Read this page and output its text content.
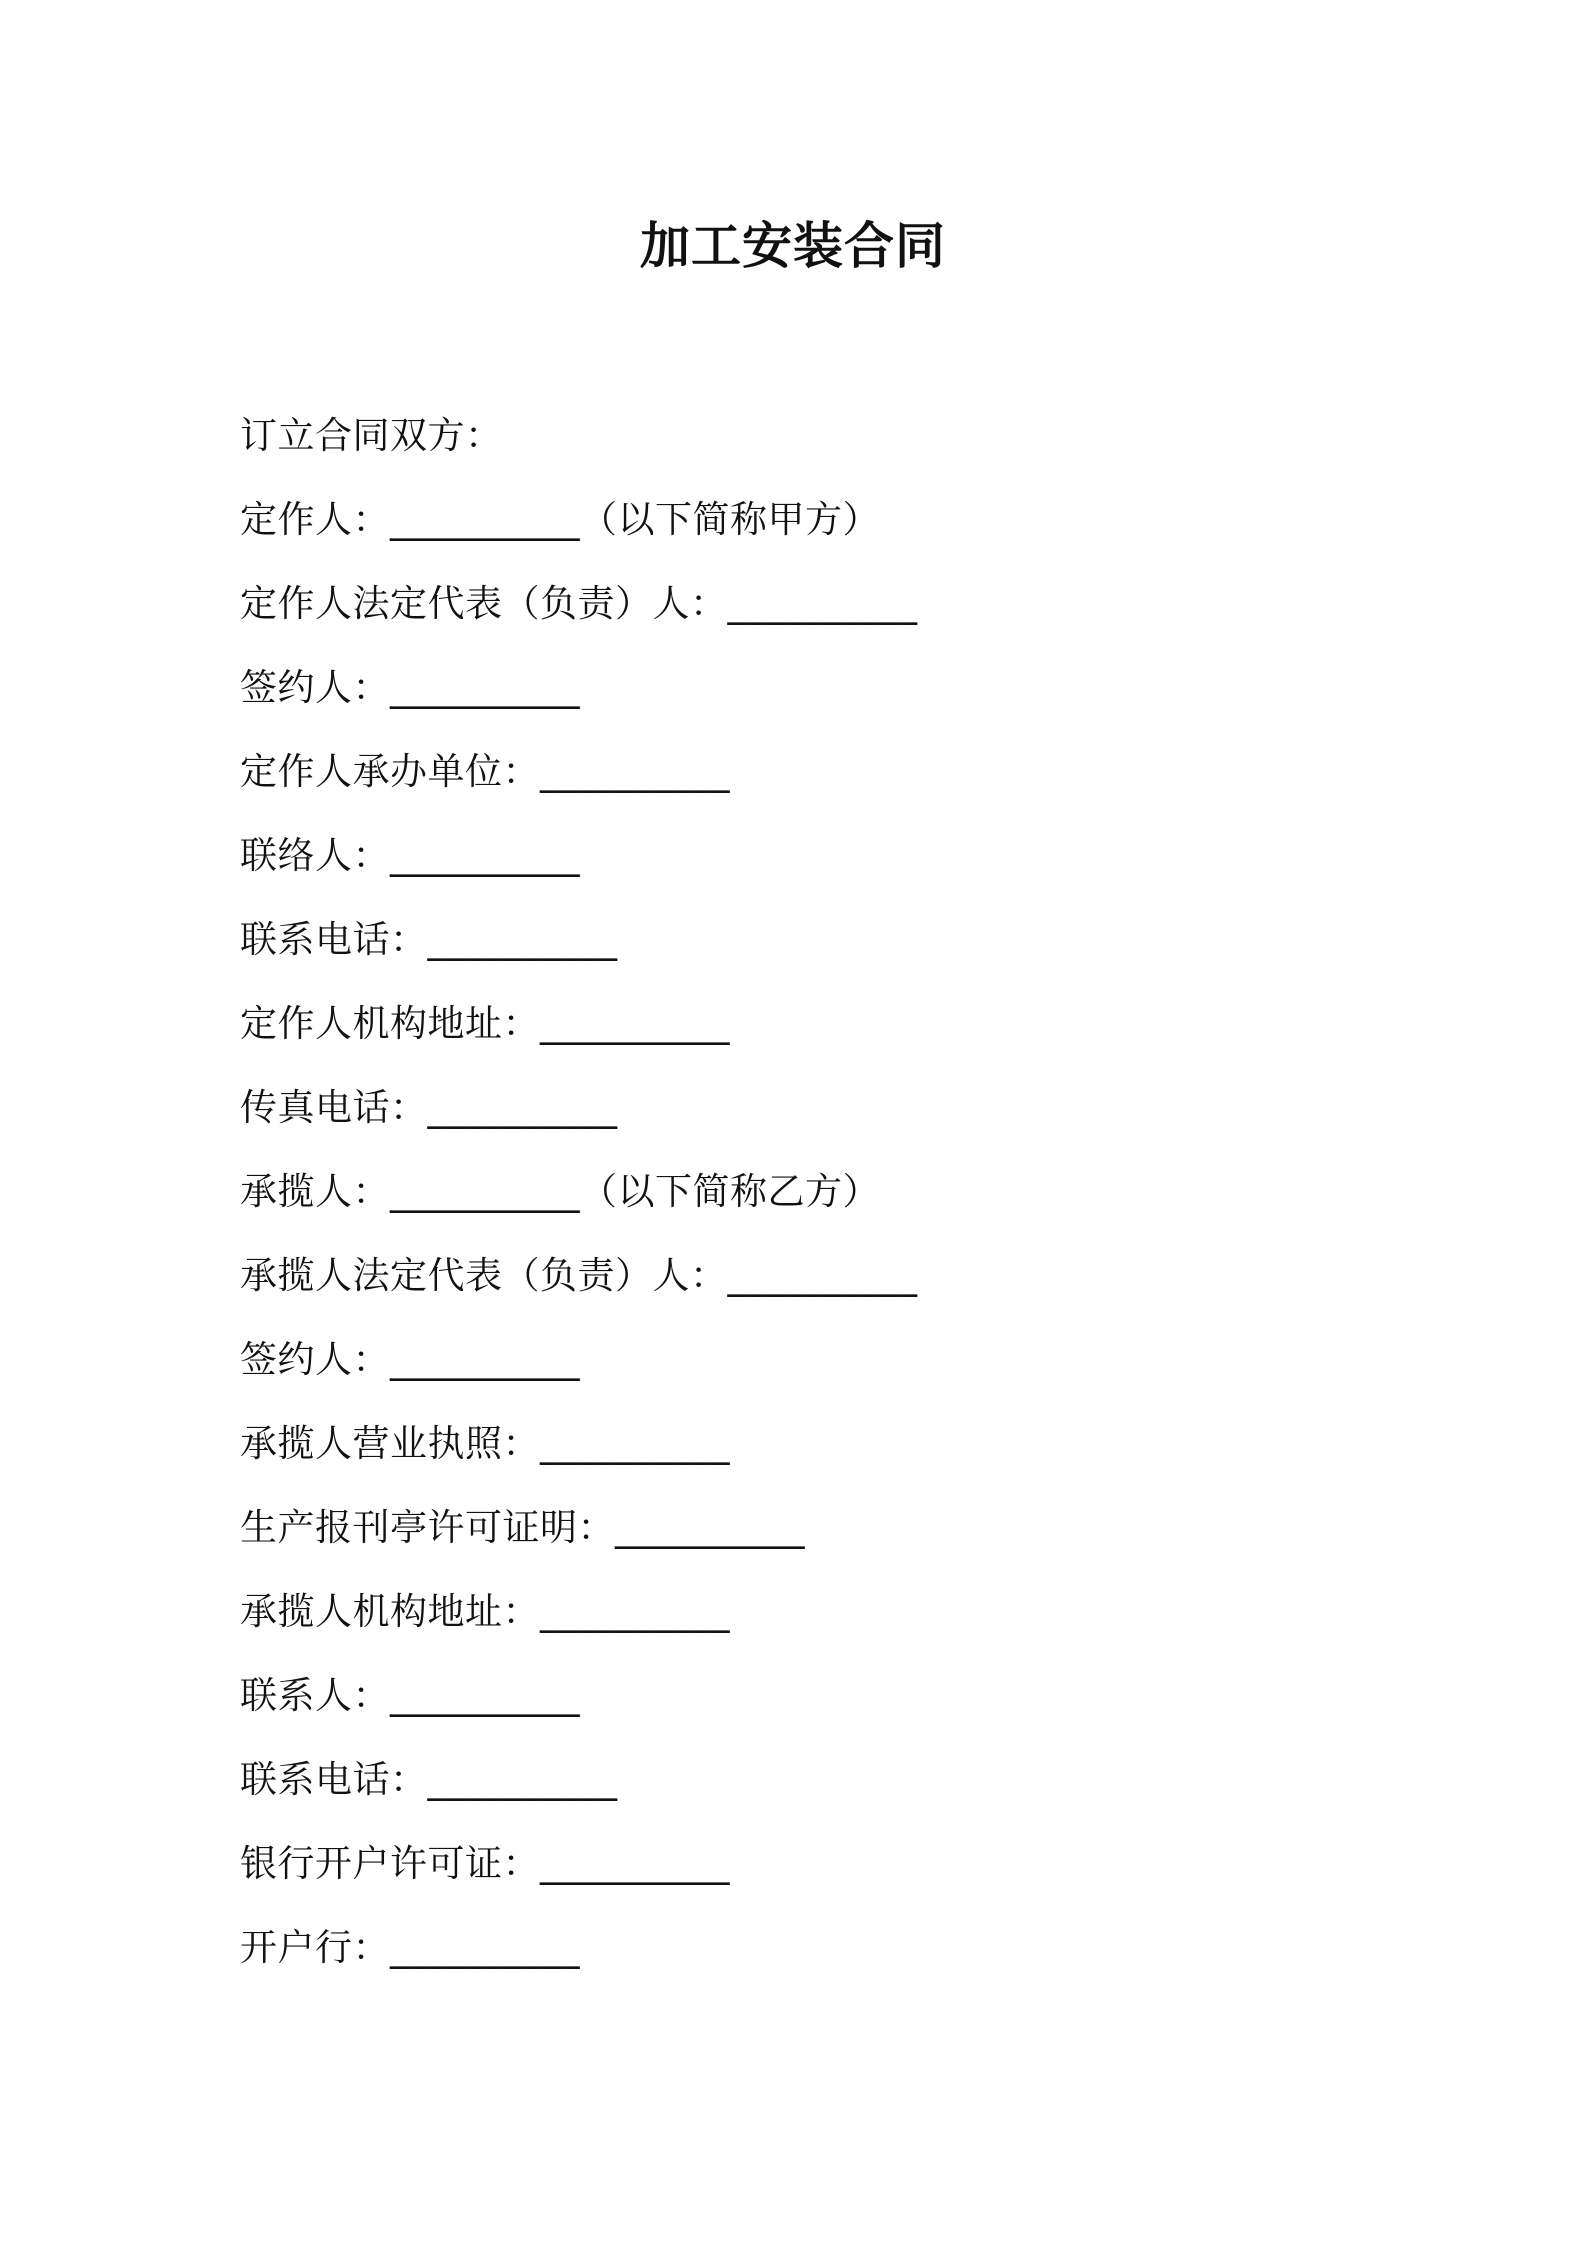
加工安装合同
订立合同双方：
定作人：__________（以下简称甲方）
定作人法定代表（负责）人：__________
签约人：__________
定作人承办单位：__________
联络人：__________
联系电话：__________
定作人机构地址：__________
传真电话：__________
承揽人：__________（以下简称乙方）
承揽人法定代表（负责）人：__________
签约人：__________
承揽人营业执照：__________
生产报刊亭许可证明：__________
承揽人机构地址：__________
联系人：__________
联系电话：__________
银行开户许可证：__________
开户行：__________
